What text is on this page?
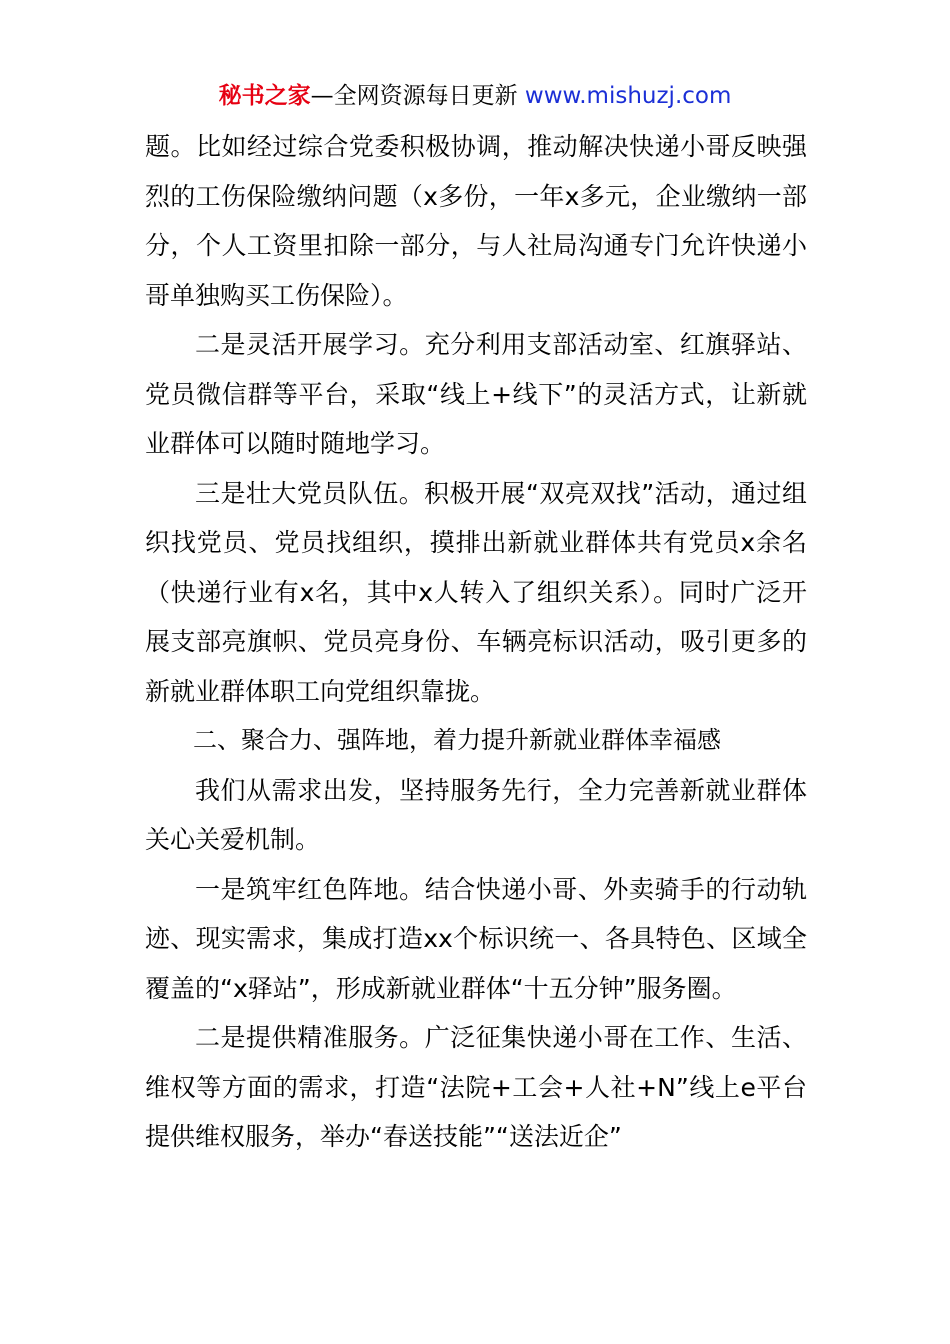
秘书之家—全网资源每日更新 www.mishuzj.com

题。比如经过综合党委积极协调，推动解决快递小哥反映强烈的工伤保险缴纳问题（x多份，一年x多元，企业缴纳一部分，个人工资里扣除一部分，与人社局沟通专门允许快递小哥单独购买工伤保险）。

二是灵活开展学习。充分利用支部活动室、红旗驿站、党员微信群等平台，采取“线上+线下”的灵活方式，让新就业群体可以随时随地学习。

三是壮大党员队伍。积极开展“双亮双找”活动，通过组织找党员、党员找组织，摸排出新就业群体共有党员x余名（快递行业有x名，其中x人转入了组织关系）。同时广泛开展支部亮旗帜、党员亮身份、车辆亮标识活动，吸引更多的新就业群体职工向党组织靠拢。

二、聚合力、强阵地，着力提升新就业群体幸福感

我们从需求出发，坚持服务先行，全力完善新就业群体关心关爱机制。

一是筑牢红色阵地。结合快递小哥、外卖骑手的行动轨迹、现实需求，集成打造xx个标识统一、各具特色、区域全覆盖的“x驿站”，形成新就业群体“十五分钟”服务圈。

二是提供精准服务。广泛征集快递小哥在工作、生活、维权等方面的需求，打造“法院+工会+人社+N”线上e平台提供维权服务，举办“春送技能”“送法近企”
